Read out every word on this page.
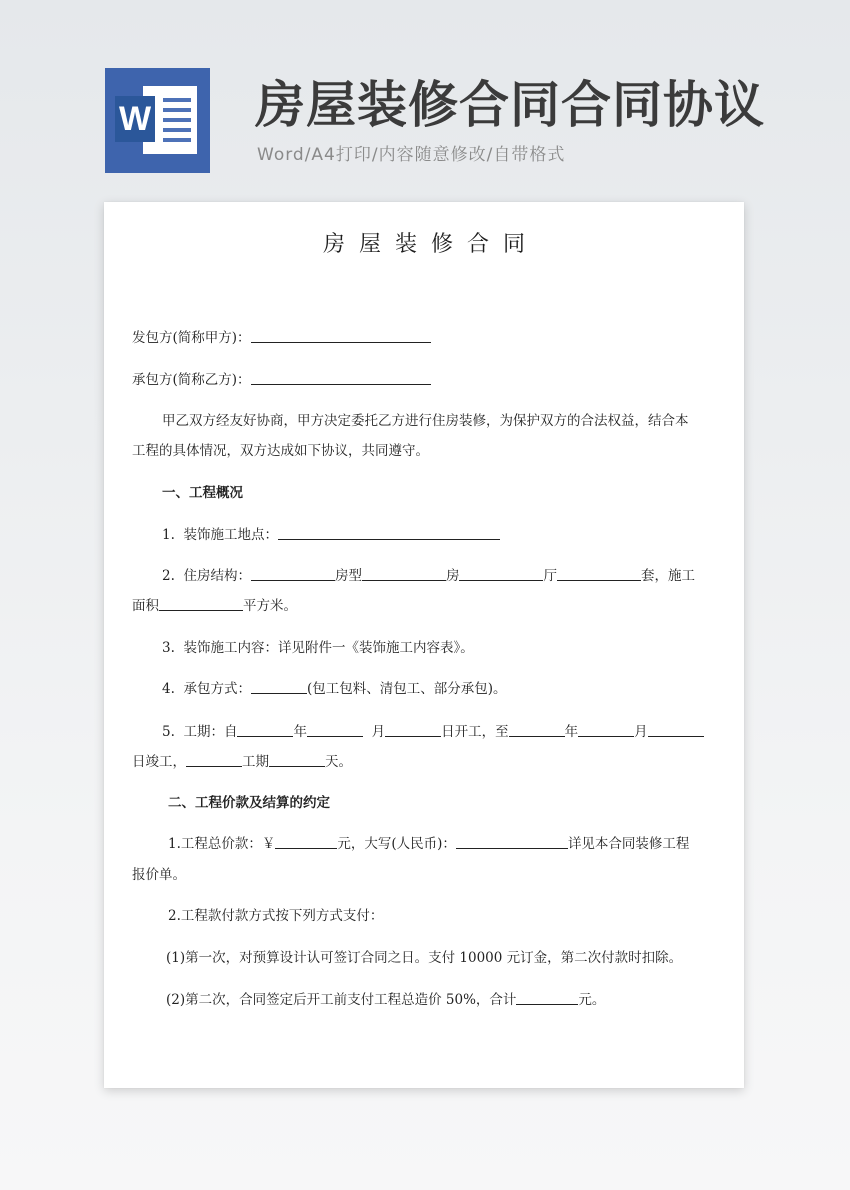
W 房屋装修合同合同协议
Word/A4打印/内容随意修改/自带格式
房屋装修合同
发包方(简称甲方)：
承包方(简称乙方)：
甲乙双方经友好协商，甲方决定委托乙方进行住房装修，为保护双方的合法权益，结合本
工程的具体情况，双方达成如下协议，共同遵守。
一、工程概况
1. 装饰施工地点：
2. 住房结构：	房型	房	厅	套，施工
面积	平方米。
3. 装饰施工内容：详见附件一《装饰施工内容表》。
4. 承包方式：	(包工包料、清包工、部分承包)。
5. 工期：自	年	月	日开工，至	年	月
日竣工，	工期	天。
二、工程价款及结算的约定
1.工程总价款：￥	元，大写(人民币)：	详见本合同装修工程
报价单。
2.工程款付款方式按下列方式支付：
(1)第一次，对预算设计认可签订合同之日。支付 10000 元订金，第二次付款时扣除。
(2)第二次，合同签定后开工前支付工程总造价 50%，合计	元。
